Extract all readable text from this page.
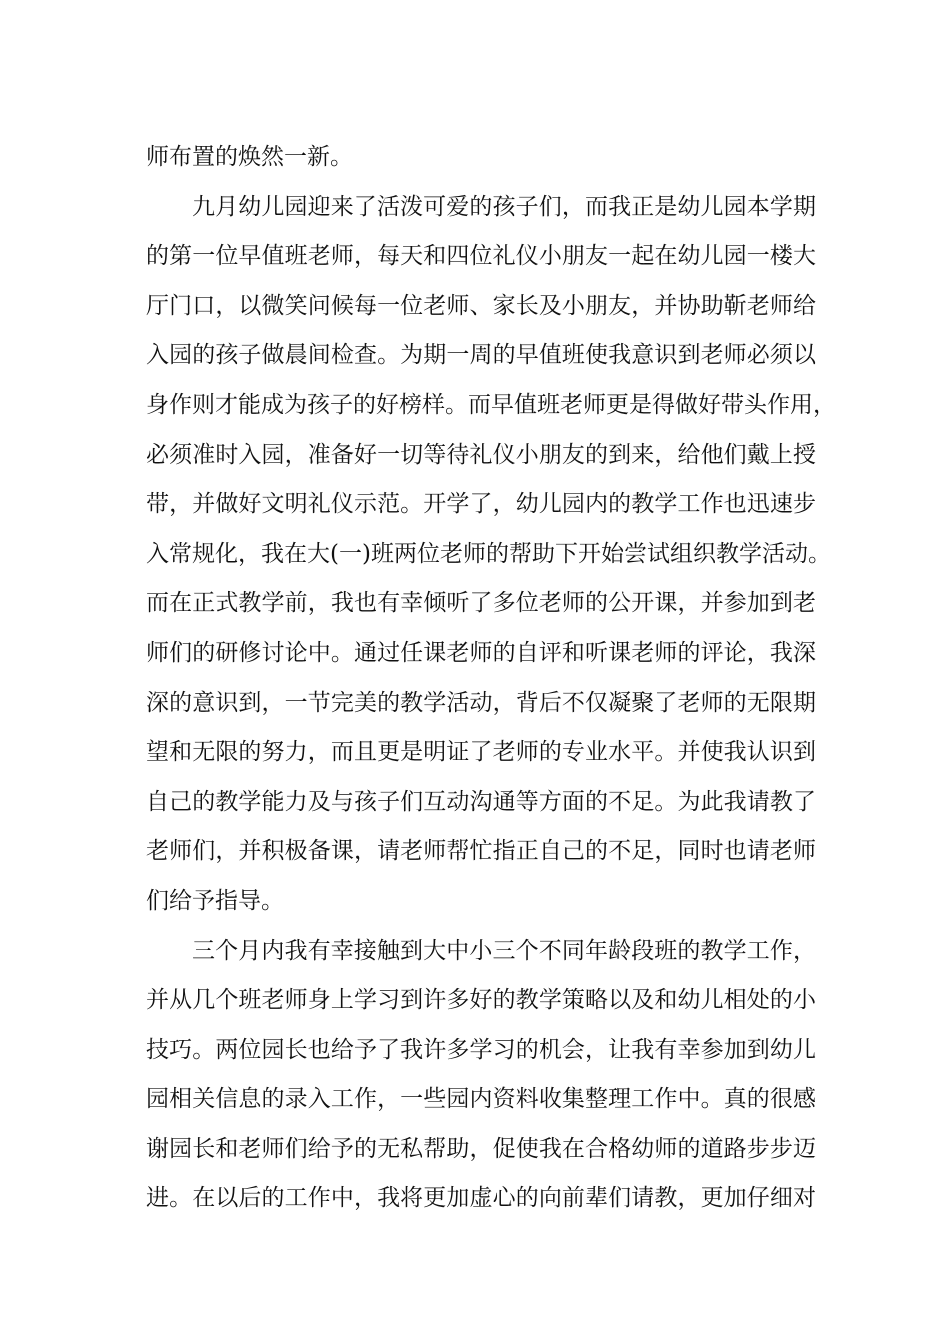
师布置的焕然一新。
九月幼儿园迎来了活泼可爱的孩子们，而我正是幼儿园本学期
的第一位早值班老师，每天和四位礼仪小朋友一起在幼儿园一楼大
厅门口，以微笑问候每一位老师、家长及小朋友，并协助靳老师给
入园的孩子做晨间检查。为期一周的早值班使我意识到老师必须以
身作则才能成为孩子的好榜样。而早值班老师更是得做好带头作用，
必须准时入园，准备好一切等待礼仪小朋友的到来，给他们戴上授
带，并做好文明礼仪示范。开学了，幼儿园内的教学工作也迅速步
入常规化，我在大(一)班两位老师的帮助下开始尝试组织教学活动。
而在正式教学前，我也有幸倾听了多位老师的公开课，并参加到老
师们的研修讨论中。通过任课老师的自评和听课老师的评论，我深
深的意识到，一节完美的教学活动，背后不仅凝聚了老师的无限期
望和无限的努力，而且更是明证了老师的专业水平。并使我认识到
自己的教学能力及与孩子们互动沟通等方面的不足。为此我请教了
老师们，并积极备课，请老师帮忙指正自己的不足，同时也请老师
们给予指导。
三个月内我有幸接触到大中小三个不同年龄段班的教学工作，
并从几个班老师身上学习到许多好的教学策略以及和幼儿相处的小
技巧。两位园长也给予了我许多学习的机会，让我有幸参加到幼儿
园相关信息的录入工作，一些园内资料收集整理工作中。真的很感
谢园长和老师们给予的无私帮助，促使我在合格幼师的道路步步迈
进。在以后的工作中，我将更加虚心的向前辈们请教，更加仔细对
